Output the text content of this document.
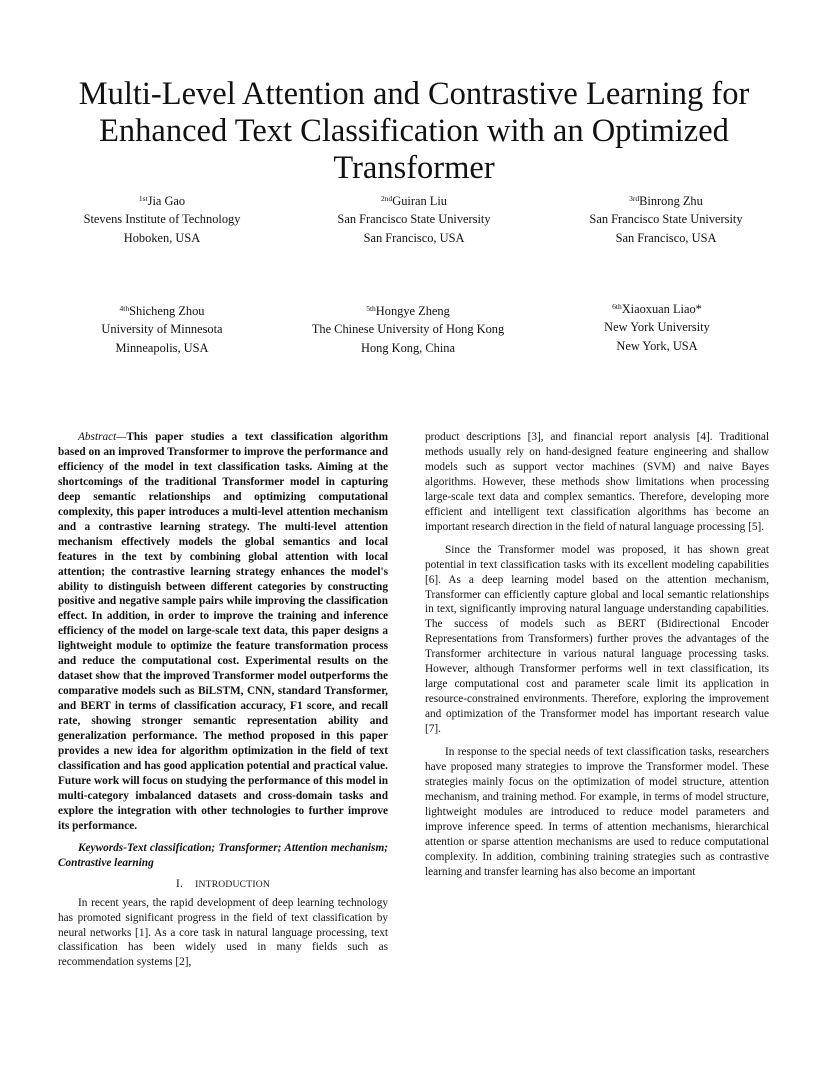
Multi-Level Attention and Contrastive Learning for Enhanced Text Classification with an Optimized Transformer
$^{1st}$Jia Gao
Stevens Institute of Technology
Hoboken, USA
$^{2nd}$Guiran Liu
San Francisco State University
San Francisco, USA
$^{3rd}$Binrong Zhu
San Francisco State University
San Francisco, USA
$^{4th}$Shicheng Zhou
University of Minnesota
Minneapolis, USA
$^{5th}$Hongye Zheng
The Chinese University of Hong Kong
Hong Kong, China
$^{6th}$Xiaoxuan Liao*
New York University
New York, USA

Abstract—This paper studies a text classification algorithm based on an improved Transformer to improve the performance and efficiency of the model in text classification tasks. Aiming at the shortcomings of the traditional Transformer model in capturing deep semantic relationships and optimizing computational complexity, this paper introduces a multi-level attention mechanism and a contrastive learning strategy. The multi-level attention mechanism effectively models the global semantics and local features in the text by combining global attention with local attention; the contrastive learning strategy enhances the model's ability to distinguish between different categories by constructing positive and negative sample pairs while improving the classification effect. In addition, in order to improve the training and inference efficiency of the model on large-scale text data, this paper designs a lightweight module to optimize the feature transformation process and reduce the computational cost. Experimental results on the dataset show that the improved Transformer model outperforms the comparative models such as BiLSTM, CNN, standard Transformer, and BERT in terms of classification accuracy, F1 score, and recall rate, showing stronger semantic representation ability and generalization performance. The method proposed in this paper provides a new idea for algorithm optimization in the field of text classification and has good application potential and practical value. Future work will focus on studying the performance of this model in multi-category imbalanced datasets and cross-domain tasks and explore the integration with other technologies to further improve its performance.

Keywords-Text classification; Transformer; Attention mechanism; Contrastive learning

I. INTRODUCTION

In recent years, the rapid development of deep learning technology has promoted significant progress in the field of text classification by neural networks [1]. As a core task in natural language processing, text classification has been widely used in many fields such as recommendation systems [2],

product descriptions [3], and financial report analysis [4]. Traditional methods usually rely on hand-designed feature engineering and shallow models such as support vector machines (SVM) and naive Bayes algorithms. However, these methods show limitations when processing large-scale text data and complex semantics. Therefore, developing more efficient and intelligent text classification algorithms has become an important research direction in the field of natural language processing [5].

Since the Transformer model was proposed, it has shown great potential in text classification tasks with its excellent modeling capabilities [6]. As a deep learning model based on the attention mechanism, Transformer can efficiently capture global and local semantic relationships in text, significantly improving natural language understanding capabilities. The success of models such as BERT (Bidirectional Encoder Representations from Transformers) further proves the advantages of the Transformer architecture in various natural language processing tasks. However, although Transformer performs well in text classification, its large computational cost and parameter scale limit its application in resource-constrained environments. Therefore, exploring the improvement and optimization of the Transformer model has important research value [7].

In response to the special needs of text classification tasks, researchers have proposed many strategies to improve the Transformer model. These strategies mainly focus on the optimization of model structure, attention mechanism, and training method. For example, in terms of model structure, lightweight modules are introduced to reduce model parameters and improve inference speed. In terms of attention mechanisms, hierarchical attention or sparse attention mechanisms are used to reduce computational complexity. In addition, combining training strategies such as contrastive learning and transfer learning has also become an important
